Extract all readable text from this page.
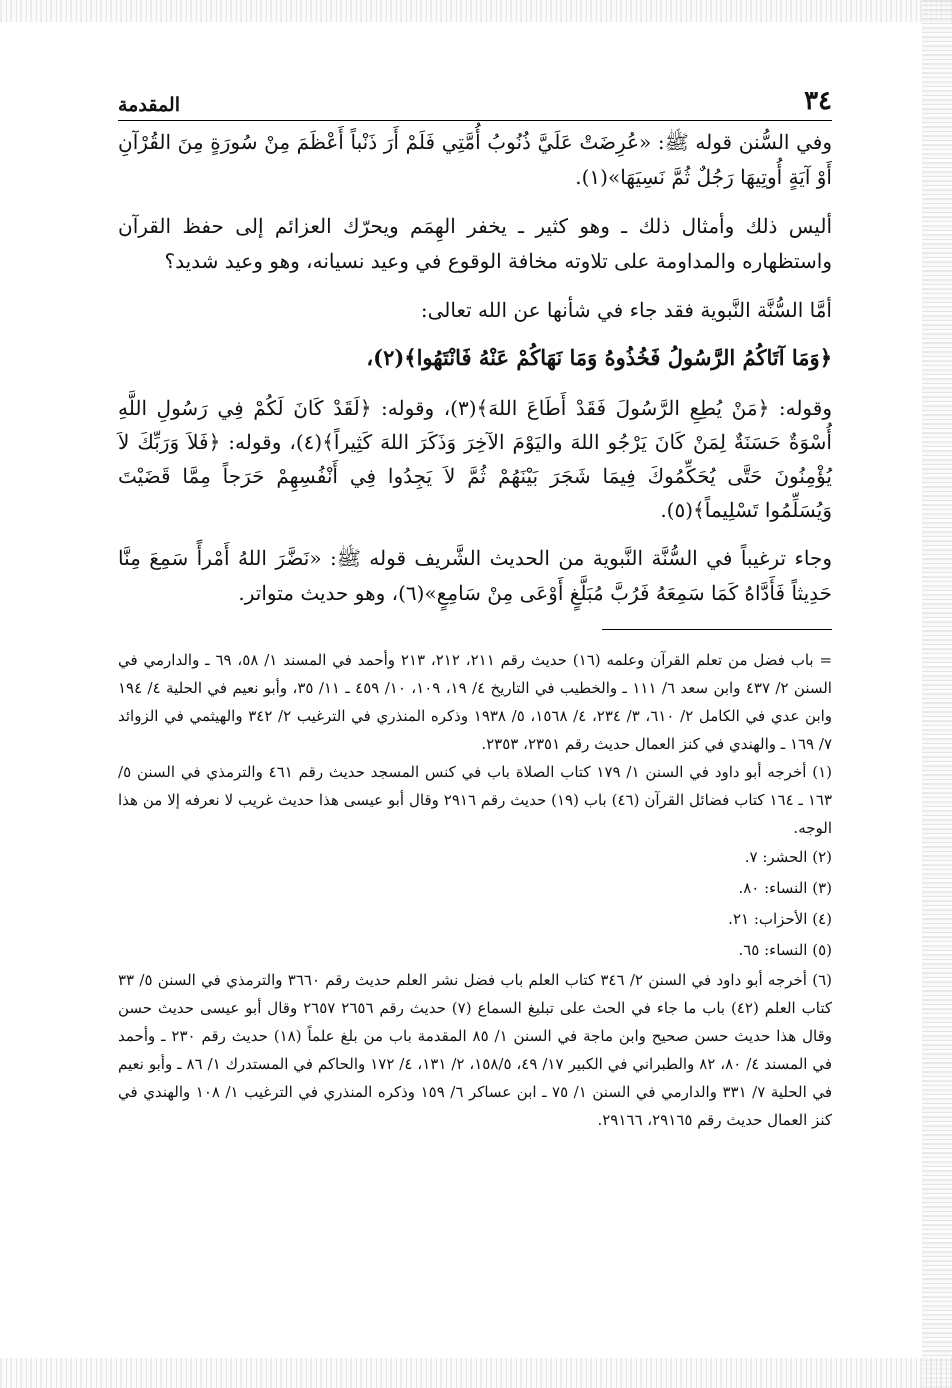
٣٤
المقدمة

وفي السُّنن قوله ﷺ: «عُرِضَتْ عَلَيَّ ذُنُوبُ أُمَّتِي فَلَمْ أَرَ ذَنْباً أَعْظَمَ مِنْ سُورَةٍ مِنَ القُرْآنِ أَوْ آيَةٍ أُوتِيهَا رَجُلٌ ثُمَّ نَسِيَهَا»(١).

أليس ذلك وأمثال ذلك ـ وهو كثير ـ يخفر الهِمَم ويحرّك العزائم إلى حفظ القرآن واستظهاره والمداومة على تلاوته مخافة الوقوع في وعيد نسيانه، وهو وعيد شديد؟

أمَّا السُّنَّة النَّبوية فقد جاء في شأنها عن الله تعالى:

﴿وَمَا آتَاكُمُ الرَّسُولُ فَخُذُوهُ وَمَا نَهَاكُمْ عَنْهُ فَانْتَهُوا﴾(٢)،

وقوله: ﴿مَنْ يُطِعِ الرَّسُولَ فَقَدْ أَطَاعَ اللهَ﴾(٣)، وقوله: ﴿لَقَدْ كَانَ لَكُمْ فِي رَسُولِ اللَّهِ أُسْوَةٌ حَسَنَةٌ لِمَنْ كَانَ يَرْجُو اللهَ واليَوْمَ الآخِرَ وَذَكَرَ اللهَ كَثِيراً﴾(٤)، وقوله: ﴿فَلاَ وَرَبِّكَ لاَ يُؤْمِنُونَ حَتَّى يُحَكِّمُوكَ فِيمَا شَجَرَ بَيْنَهُمْ ثُمَّ لاَ يَجِدُوا فِي أَنْفُسِهِمْ حَرَجاً مِمَّا قَضَيْتَ وَيُسَلِّمُوا تَسْلِيماً﴾(٥).

وجاء ترغيباً في السُّنَّة النَّبوية من الحديث الشَّريف قوله ﷺ: «نَضَّرَ اللهُ أَمْرأً سَمِعَ مِنَّا حَدِيثاً فَأَدَّاهُ كَمَا سَمِعَهُ فَرُبَّ مُبَلَّغٍ أَوْعَى مِنْ سَامِعٍ»(٦)، وهو حديث متواتر.

= باب فضل من تعلم القرآن وعلمه (١٦) حديث رقم ٢١١، ٢١٢، ٢١٣ وأحمد في المسند ١/ ٥٨، ٦٩ ـ والدارمي في السنن ٢/ ٤٣٧ وابن سعد ٦/ ١١١ ـ والخطيب في التاريخ ٤/ ١٩، ١٠٩، ١٠/ ٤٥٩ ـ ١١/ ٣٥، وأبو نعيم في الحلية ٤/ ١٩٤ وابن عدي في الكامل ٢/ ٦١٠، ٣/ ٢٣٤، ٤/ ١٥٦٨، ٥/ ١٩٣٨ وذكره المنذري في الترغيب ٢/ ٣٤٢ والهيثمي في الزوائد ٧/ ١٦٩ ـ والهندي في كنز العمال حديث رقم ٢٣٥١، ٢٣٥٣.

(١) أخرجه أبو داود في السنن ١/ ١٧٩ كتاب الصلاة باب في كنس المسجد حديث رقم ٤٦١ والترمذي في السنن ٥/ ١٦٣ ـ ١٦٤ كتاب فضائل القرآن (٤٦) باب (١٩) حديث رقم ٢٩١٦ وقال أبو عيسى هذا حديث غريب لا نعرفه إلا من هذا الوجه.

(٢) الحشر: ٧.

(٣) النساء: ٨٠.

(٤) الأحزاب: ٢١.

(٥) النساء: ٦٥.

(٦) أخرجه أبو داود في السنن ٢/ ٣٤٦ كتاب العلم باب فضل نشر العلم حديث رقم ٣٦٦٠ والترمذي في السنن ٥/ ٣٣ كتاب العلم (٤٢) باب ما جاء في الحث على تبليغ السماع (٧) حديث رقم ٢٦٥٦ ٢٦٥٧ وقال أبو عيسى حديث حسن وقال هذا حديث حسن صحيح وابن ماجة في السنن ١/ ٨٥ المقدمة باب من بلغ علماً (١٨) حديث رقم ٢٣٠ ـ وأحمد في المسند ٤/ ٨٠، ٨٢ والطبراني في الكبير ١٧/ ٤٩، ١٥٨/٥، ٢/ ١٣١، ٤/ ١٧٢ والحاكم في المستدرك ١/ ٨٦ ـ وأبو نعيم في الحلية ٧/ ٣٣١ والدارمي في السنن ١/ ٧٥ ـ ابن عساكر ٦/ ١٥٩ وذكره المنذري في الترغيب ١/ ١٠٨ والهندي في كنز العمال حديث رقم ٢٩١٦٥، ٢٩١٦٦.
